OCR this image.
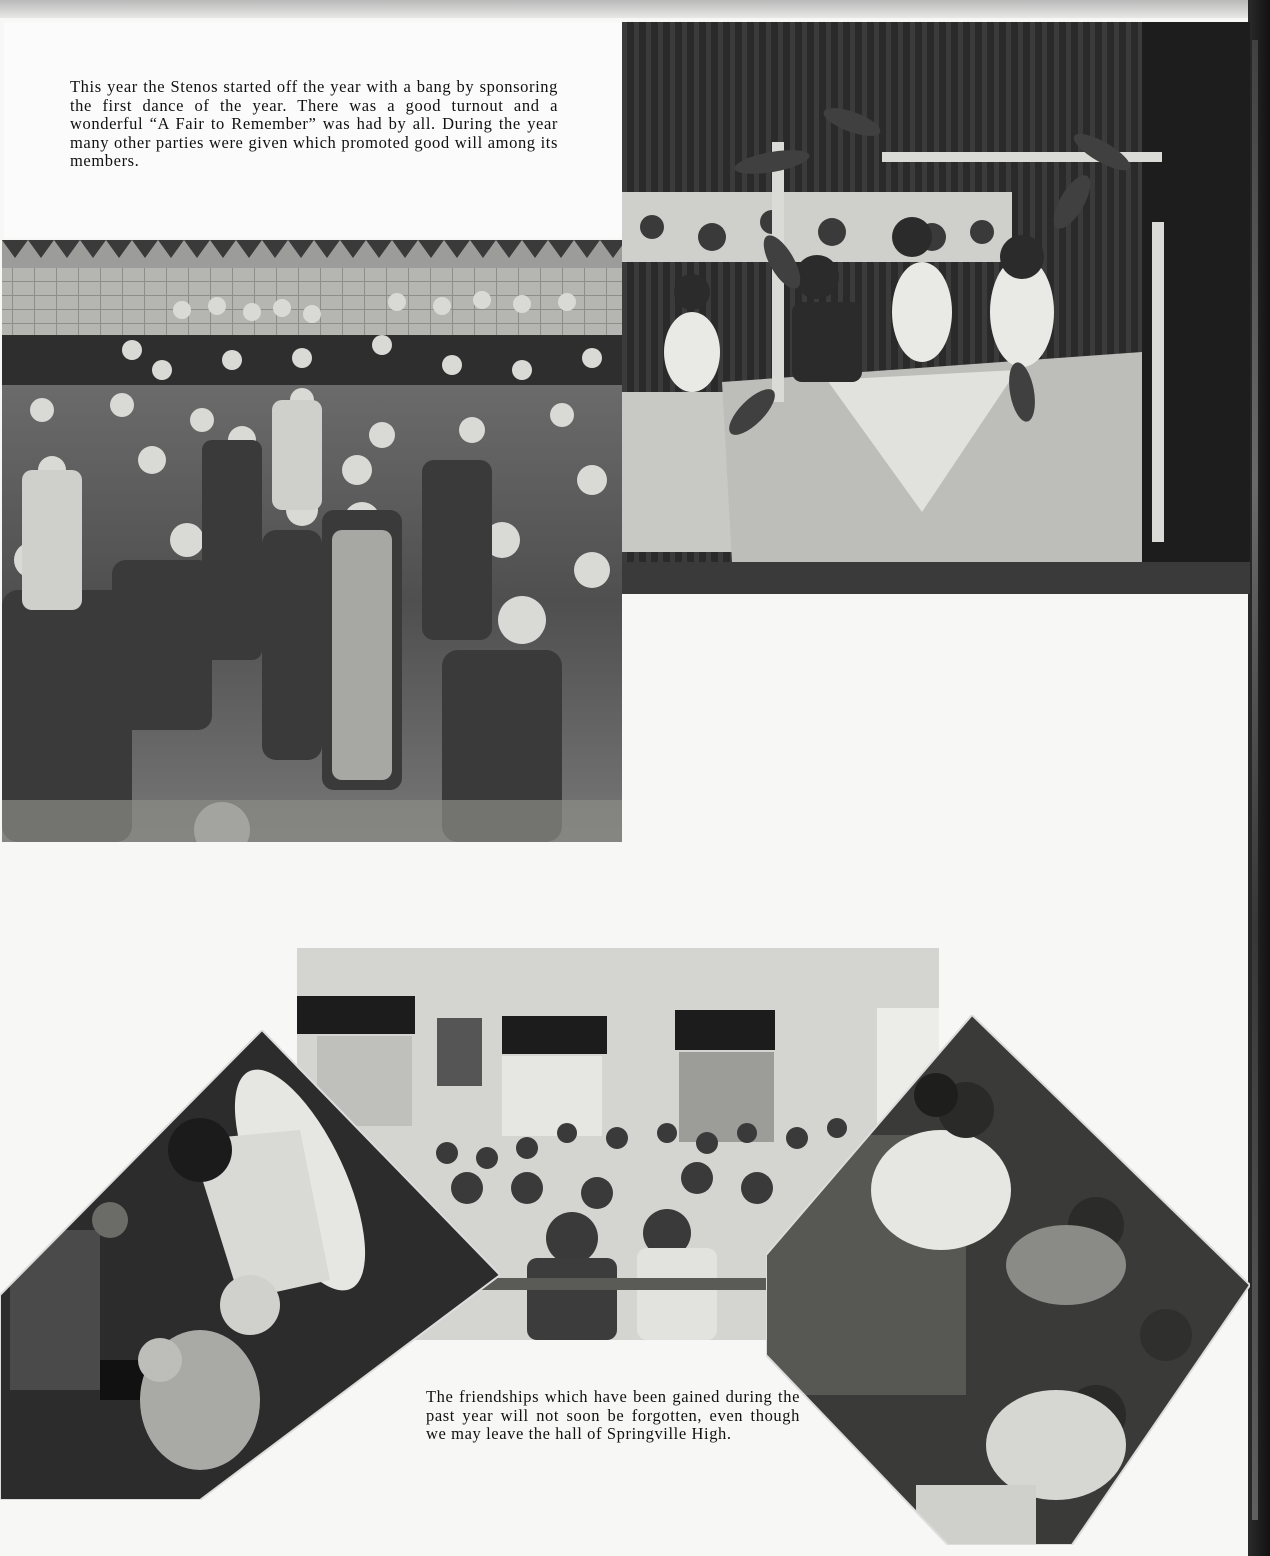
This year the Stenos started off the year with a bang by sponsoring the first dance of the year. There was a good turnout and a wonderful “A Fair to Remember” was had by all. During the year many other parties were given which promoted good will among its members.
The friendships which have been gained during the past year will not soon be forgotten, even though we may leave the hall of Springville High.
